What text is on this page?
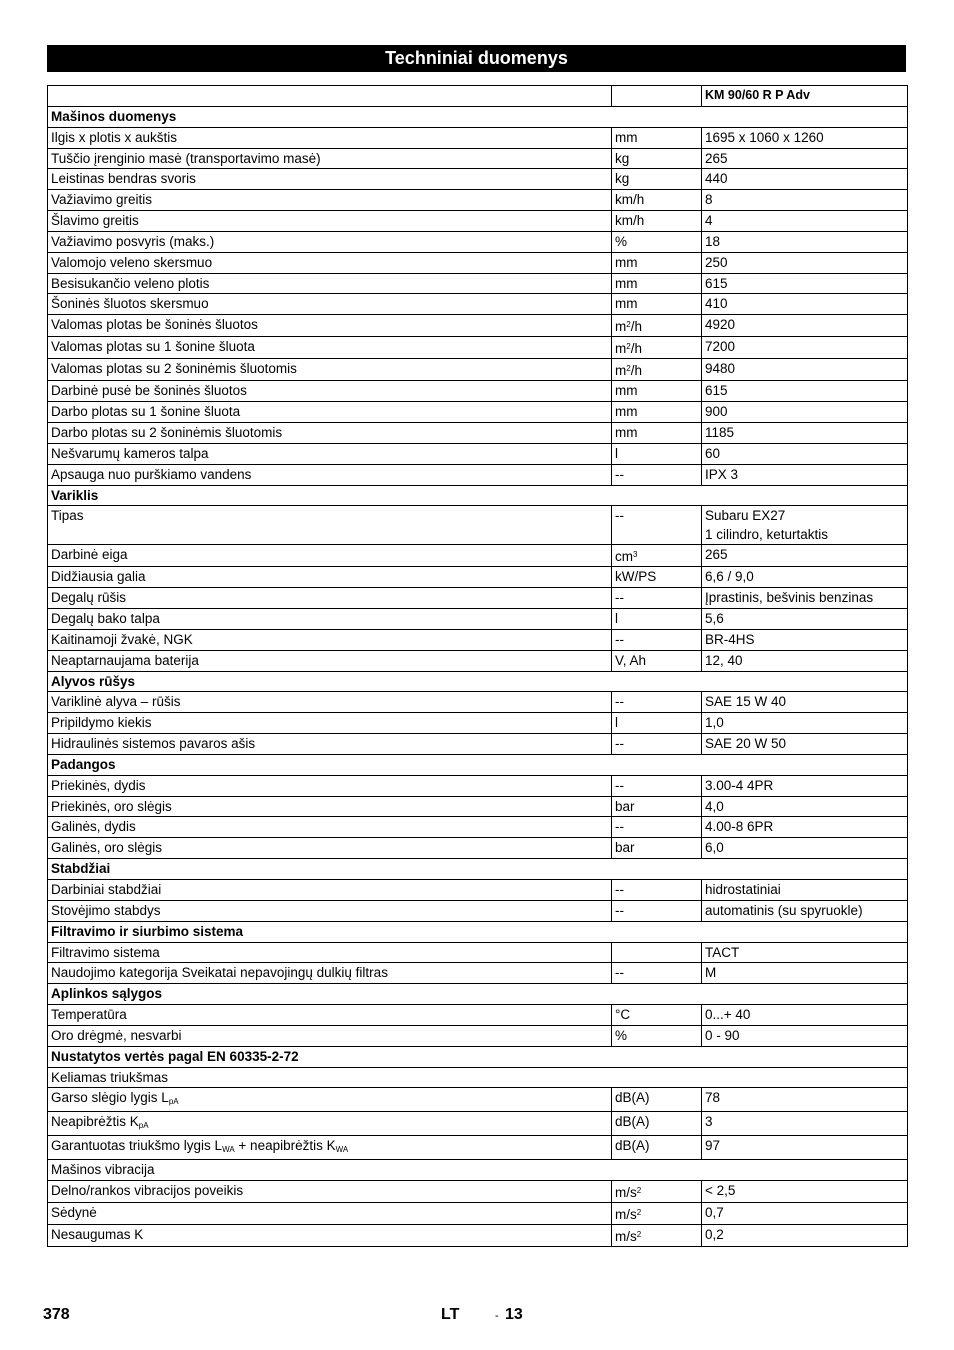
Techniniai duomenys
		KM 90/60 R P Adv
Mašinos duomenys		
Ilgis x plotis x aukštis	mm	1695 x 1060 x 1260
Tuščio įrenginio masė (transportavimo masė)	kg	265
Leistinas bendras svoris	kg	440
Važiavimo greitis	km/h	8
Šlavimo greitis	km/h	4
Važiavimo posvyris (maks.)	%	18
Valomojo veleno skersmuo	mm	250
Besisukančio veleno plotis	mm	615
Šoninės šluotos skersmuo	mm	410
Valomas plotas be šoninės šluotos	$m^2/h$	4920
Valomas plotas su 1 šonine šluota	$m^2/h$	7200
Valomas plotas su 2 šoninėmis šluotomis	$m^2/h$	9480
Darbinė pusė be šoninės šluotos	mm	615
Darbo plotas su 1 šonine šluota	mm	900
Darbo plotas su 2 šoninėmis šluotomis	mm	1185
Nešvarumų kameros talpa	l	60
Apsauga nuo purškiamo vandens	--	IPX 3
Variklis		
Tipas	--	Subaru EX27
1 cilindro, keturtaktis

Darbinė eiga	$cm^3$	265
Didžiausia galia	kW/PS	6,6 / 9,0
Degalų rūšis	--	Įprastinis, bešvinis benzinas
Degalų bako talpa	l	5,6
Kaitinamoji žvakė, NGK	--	BR-4HS
Neaptarnaujama baterija	V, Ah	12, 40
Alyvos rūšys		
Variklinė alyva – rūšis	--	SAE 15 W 40
Pripildymo kiekis	l	1,0
Hidraulinės sistemos pavaros ašis	--	SAE 20 W 50
Padangos		
Priekinės, dydis	--	3.00-4 4PR
Priekinės, oro slėgis	bar	4,0
Galinės, dydis	--	4.00-8 6PR
Galinės, oro slėgis	bar	6,0
Stabdžiai		
Darbiniai stabdžiai	--	hidrostatiniai
Stovėjimo stabdys	--	automatinis (su spyruokle)
Filtravimo ir siurbimo sistema		
Filtravimo sistema		TACT
Naudojimo kategorija Sveikatai nepavojingų dulkių filtras	--	M
Aplinkos sąlygos		
Temperatūra	°C	0...+ 40
Oro drėgmė, nesvarbi	%	0 - 90
Nustatytos vertės pagal EN 60335-2-72		
Keliamas triukšmas		
Garso slėgio lygis $L_{pA}$	dB(A)	78
Neapibrėžtis $K_{pA}$	dB(A)	3
Garantuotas triukšmo lygis $L_{WA}$ + neapibrėžtis $K_{WA}$	dB(A)	97
Mašinos vibracija		
Delno/rankos vibracijos poveikis	$m/s^2$	< 2,5
Sėdynė	$m/s^2$	0,7
Nesaugumas K	$m/s^2$	0,2
378	LT	- 13
